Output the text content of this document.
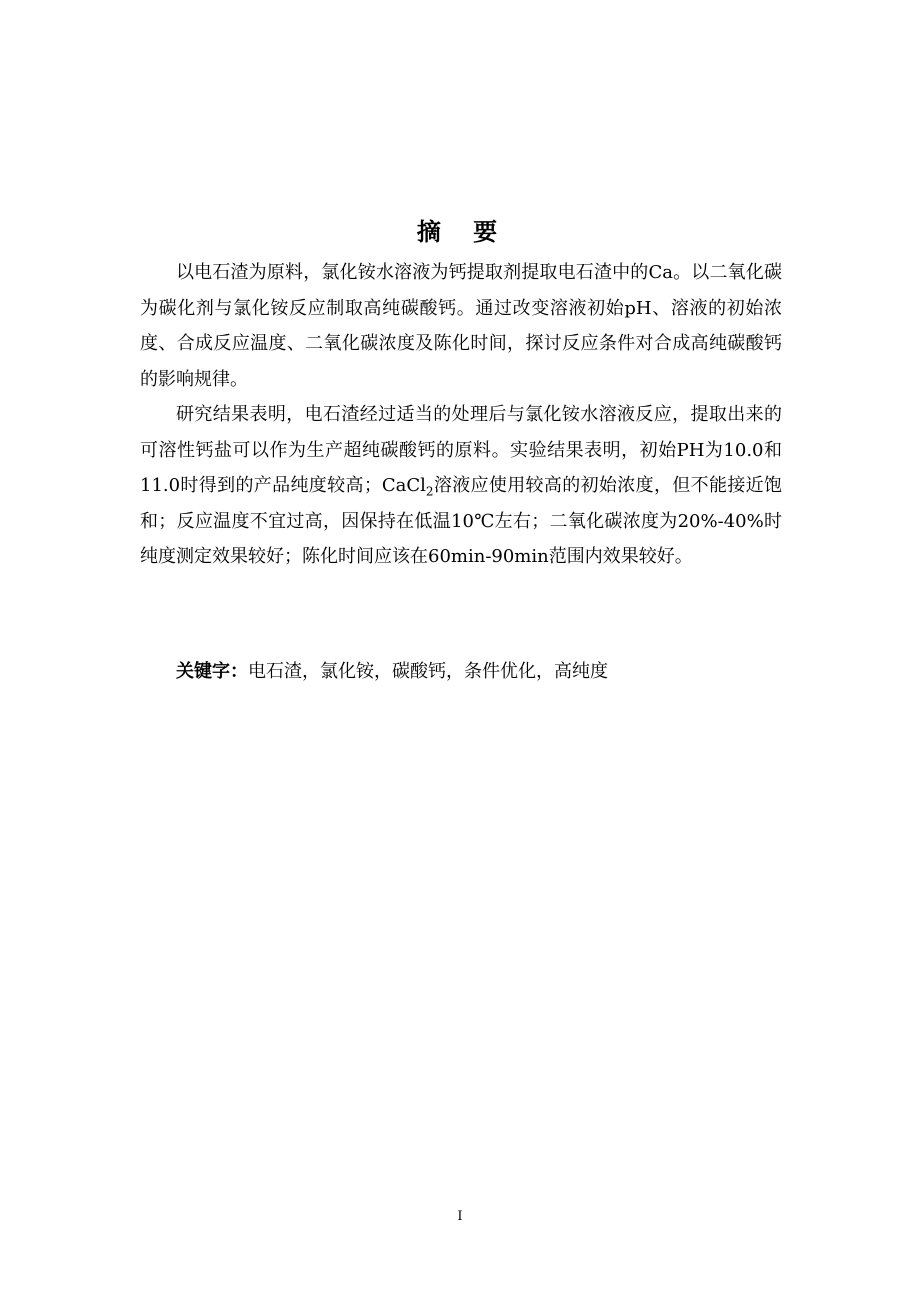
摘 要

以电石渣为原料，氯化铵水溶液为钙提取剂提取电石渣中的Ca。以二氧化碳为碳化剂与氯化铵反应制取高纯碳酸钙。通过改变溶液初始pH、溶液的初始浓度、合成反应温度、二氧化碳浓度及陈化时间，探讨反应条件对合成高纯碳酸钙的影响规律。

研究结果表明，电石渣经过适当的处理后与氯化铵水溶液反应，提取出来的可溶性钙盐可以作为生产超纯碳酸钙的原料。实验结果表明，初始PH为10.0和11.0时得到的产品纯度较高；CaCl$_2$溶液应使用较高的初始浓度，但不能接近饱和；反应温度不宜过高，因保持在低温10℃左右；二氧化碳浓度为20%-40%时纯度测定效果较好；陈化时间应该在60min-90min范围内效果较好。

关键字：电石渣，氯化铵，碳酸钙，条件优化，高纯度
I
